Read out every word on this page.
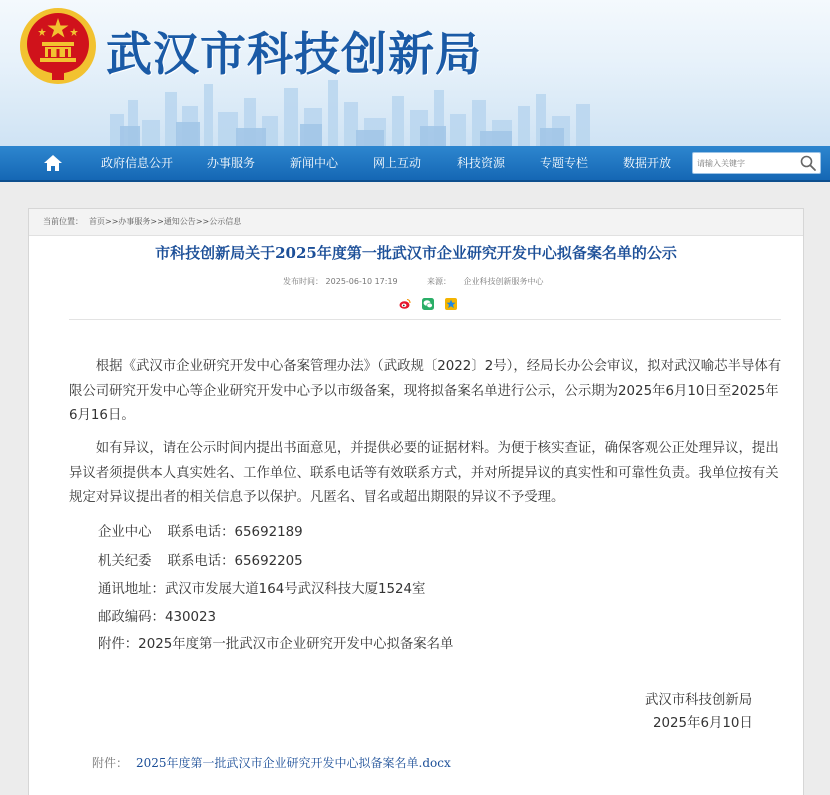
武汉市科技创新局
政府信息公开	办事服务	新闻中心	网上互动	科技资源	专题专栏	数据开放
请输入关键字
当前位置： 首页>>办事服务>>通知公告>>公示信息
市科技创新局关于2025年度第一批武汉市企业研究开发中心拟备案名单的公示
发布时间： 2025-06-10 17:19	来源： 企业科技创新服务中心

根据《武汉市企业研究开发中心备案管理办法》（武政规〔2022〕2号），经局长办公会审议，拟对武汉喻芯半导体有限公司研究开发中心等企业研究开发中心予以市级备案，现将拟备案名单进行公示，公示期为2025年6月10日至2025年6月16日。
如有异议，请在公示时间内提出书面意见，并提供必要的证据材料。为便于核实查证，确保客观公正处理异议，提出异议者须提供本人真实姓名、工作单位、联系电话等有效联系方式，并对所提异议的真实性和可靠性负责。我单位按有关规定对异议提出者的相关信息予以保护。凡匿名、冒名或超出期限的异议不予受理。
企业中心 联系电话：65692189
机关纪委 联系电话：65692205
通讯地址：武汉市发展大道164号武汉科技大厦1524室
邮政编码：430023
附件：2025年度第一批武汉市企业研究开发中心拟备案名单
武汉市科技创新局
2025年6月10日
附件： 2025年度第一批武汉市企业研究开发中心拟备案名单.docx
